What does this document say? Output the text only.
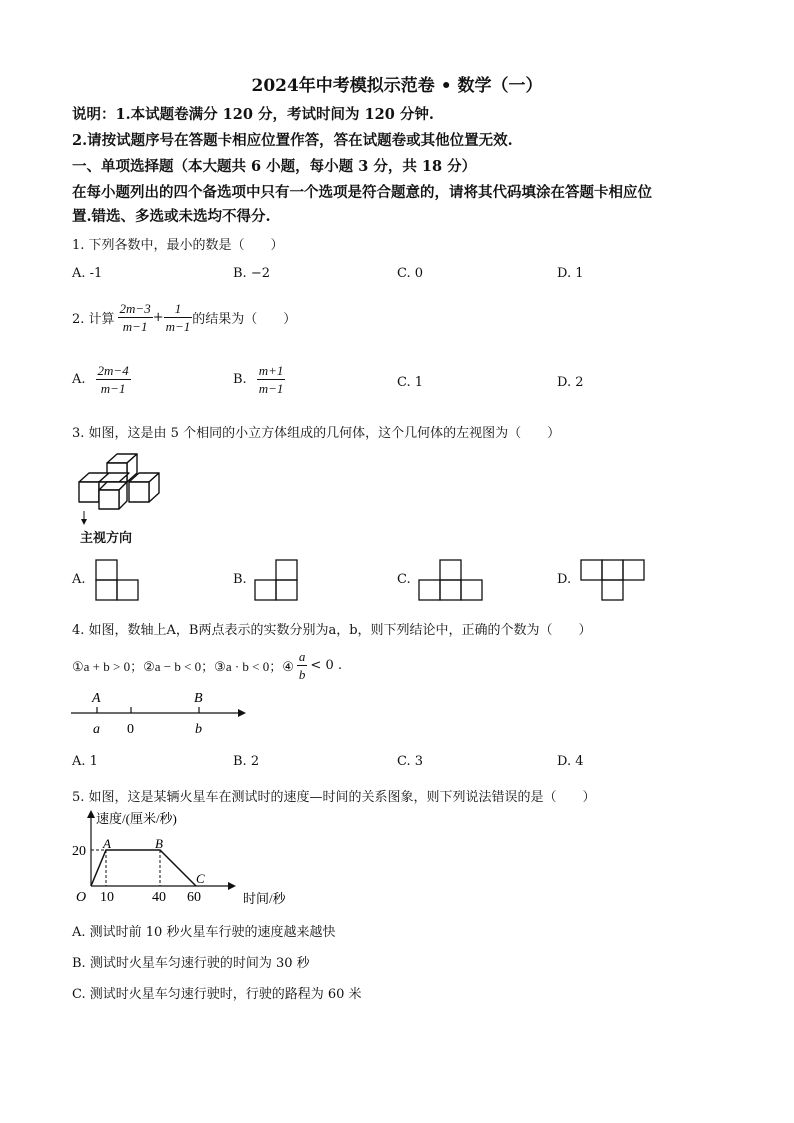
2024年中考模拟示范卷 • 数学（一）
说明：1.本试题卷满分 120 分，考试时间为 120 分钟.
2.请按试题序号在答题卡相应位置作答，答在试题卷或其他位置无效.
一、单项选择题（本大题共 6 小题，每小题 3 分，共 18 分）
在每小题列出的四个备选项中只有一个选项是符合题意的，请将其代码填涂在答题卡相应位
置.错选、多选或未选均不得分.
1. 下列各数中，最小的数是（　　）
A. -1	B. −2	C. 0	D. 1
2. 计算 $\frac{2m-3}{m-1} + \frac{1}{m-1}$ 的结果为（　　）
A. $\frac{2m-4}{m-1}$	B. $\frac{m+1}{m-1}$	C. 1	D. 2
3. 如图，这是由 5 个相同的小立方体组成的几何体，这个几何体的左视图为（　　）
主视方向
A.	B.	C.	D.
4. 如图，数轴上A，B两点表示的实数分别为a，b，则下列结论中，正确的个数为（　　）
①a + b > 0；②a − b < 0；③a · b < 0；④ $\frac{a}{b} < 0$ .
A	B
a 0	b
A. 1	B. 2	C. 3	D. 4
5. 如图，这是某辆火星车在测试时的速度—时间的关系图象，则下列说法错误的是（　　）
速度/(厘米/秒)
时间/秒
O
20
10	40 60
A	B
C
A. 测试时前 10 秒火星车行驶的速度越来越快
B. 测试时火星车匀速行驶的时间为 30 秒
C. 测试时火星车匀速行驶时，行驶的路程为 60 米
